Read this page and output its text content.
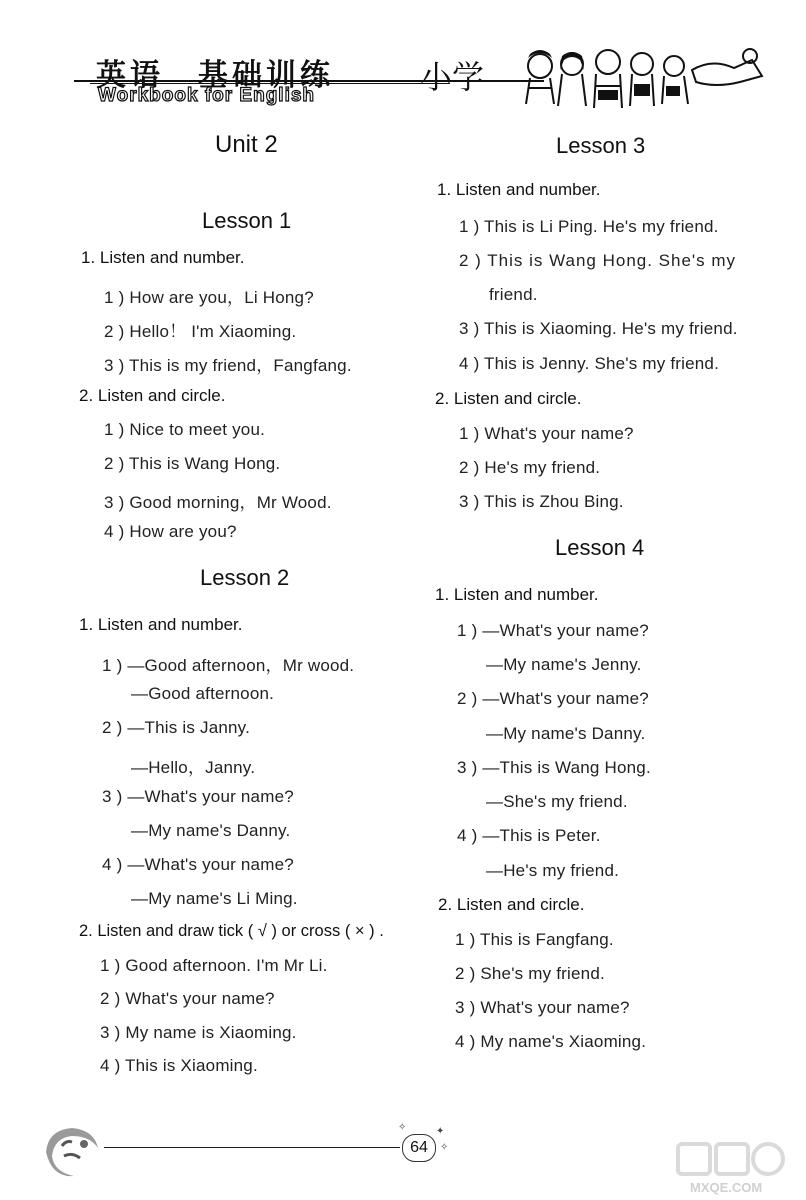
英语 基础训练
Workbook for English
小学
Unit 2
Lesson 1
1. Listen and number.
1 ) How are you，Li Hong?
2 ) Hello！ I'm Xiaoming.
3 ) This is my friend，Fangfang.
2. Listen and circle.
1 ) Nice to meet you.
2 ) This is Wang Hong.
3 ) Good morning，Mr Wood.
4 ) How are you?
Lesson 2
1. Listen and number.
1 ) —Good afternoon，Mr wood.
—Good afternoon.
2 ) —This is Janny.
—Hello，Janny.
3 ) —What's your name?
—My name's Danny.
4 ) —What's your name?
—My name's Li Ming.
2. Listen and draw tick ( √ ) or cross ( × ) .
1 ) Good afternoon. I'm Mr Li.
2 ) What's your name?
3 ) My name is Xiaoming.
4 ) This is Xiaoming.
Lesson 3
1. Listen and number.
1 ) This is Li Ping. He's my friend.
2 ) This is Wang Hong. She's my
friend.
3 ) This is Xiaoming. He's my friend.
4 ) This is Jenny. She's my friend.
2. Listen and circle.
1 ) What's your name?
2 ) He's my friend.
3 ) This is Zhou Bing.
Lesson 4
1. Listen and number.
1 ) —What's your name?
—My name's Jenny.
2 ) —What's your name?
—My name's Danny.
3 ) —This is Wang Hong.
—She's my friend.
4 ) —This is Peter.
—He's my friend.
2. Listen and circle.
1 ) This is Fangfang.
2 ) She's my friend.
3 ) What's your name?
4 ) My name's Xiaoming.
✧	✦
✧
64
MXQE.COM
